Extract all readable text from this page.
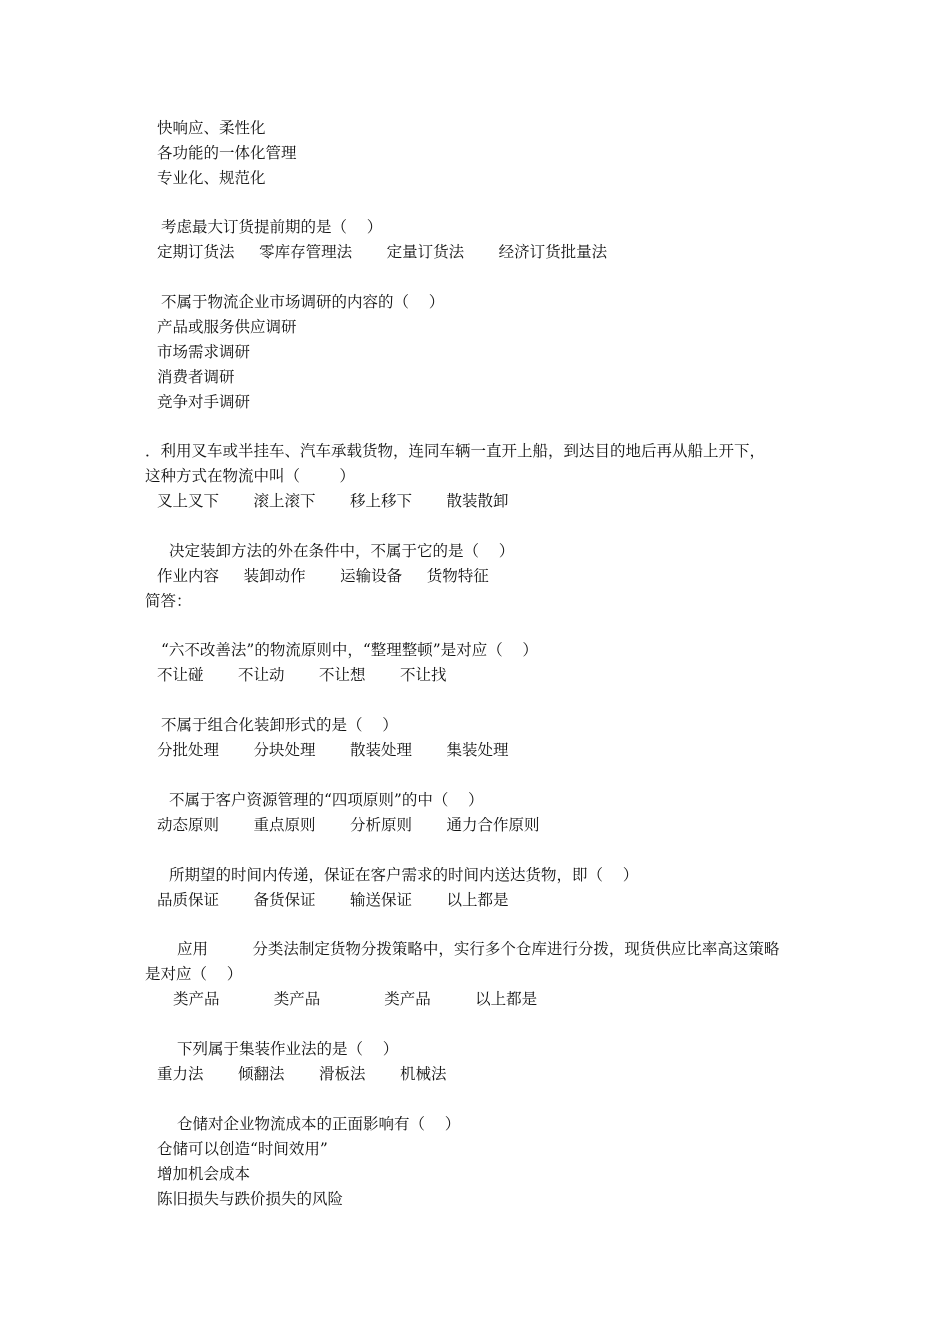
快响应、柔性化
各功能的一体化管理
专业化、规范化
考虑最大订货提前期的是（    ）
定期订货法     零库存管理法       定量订货法       经济订货批量法
不属于物流企业市场调研的内容的（    ）
产品或服务供应调研
市场需求调研
消费者调研
竞争对手调研
．利用叉车或半挂车、汽车承载货物，连同车辆一直开上船，到达目的地后再从船上开下，
这种方式在物流中叫（        ）
叉上叉下       滚上滚下       移上移下       散装散卸
决定装卸方法的外在条件中，不属于它的是（    ）
作业内容     装卸动作       运输设备     货物特征
简答：
“六不改善法”的物流原则中，“整理整顿”是对应（    ）
不让碰       不让动       不让想       不让找
不属于组合化装卸形式的是（    ）
分批处理       分块处理       散装处理       集装处理
不属于客户资源管理的“四项原则”的中（    ）
动态原则       重点原则       分析原则       通力合作原则
所期望的时间内传递，保证在客户需求的时间内送达货物，即（    ）
品质保证       备货保证       输送保证       以上都是
应用         分类法制定货物分拨策略中，实行多个仓库进行分拨，现货供应比率高这策略
是对应（    ）
类产品           类产品             类产品         以上都是
下列属于集装作业法的是（    ）
重力法       倾翻法       滑板法       机械法
仓储对企业物流成本的正面影响有（    ）
仓储可以创造“时间效用”
增加机会成本
陈旧损失与跌价损失的风险
